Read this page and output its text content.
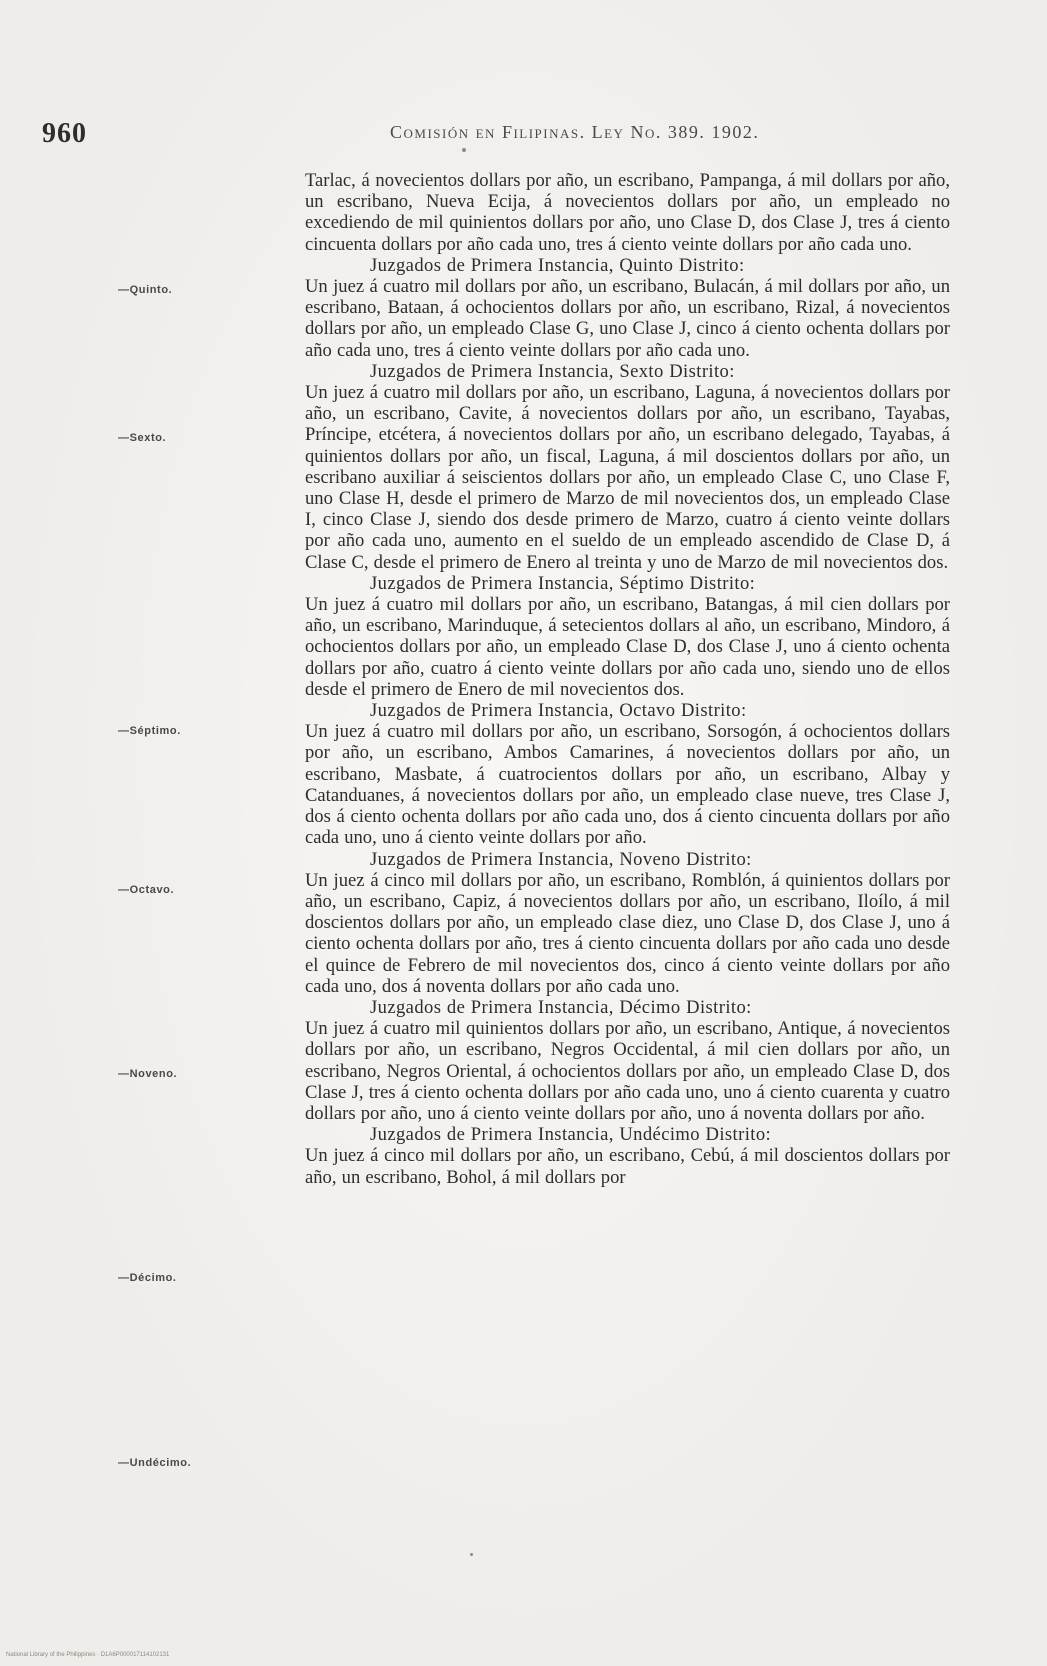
960	Comisión en Filipinas. Ley No. 389. 1902.
—Quinto.
—Sexto.
—Séptimo.
—Octavo.
—Noveno.
—Décimo.
—Undécimo.

Tarlac, á novecientos dollars por año, un escribano, Pampanga, á mil dollars por año, un escribano, Nueva Ecija, á novecientos dollars por año, un empleado no excediendo de mil quinientos dollars por año, uno Clase D, dos Clase J, tres á ciento cincuenta dollars por año cada uno, tres á ciento veinte dollars por año cada uno.

Juzgados de Primera Instancia, Quinto Distrito:

Un juez á cuatro mil dollars por año, un escribano, Bulacán, á mil dollars por año, un escribano, Bataan, á ochocientos dollars por año, un escribano, Rizal, á novecientos dollars por año, un empleado Clase G, uno Clase J, cinco á ciento ochenta dollars por año cada uno, tres á ciento veinte dollars por año cada uno.

Juzgados de Primera Instancia, Sexto Distrito:

Un juez á cuatro mil dollars por año, un escribano, Laguna, á novecientos dollars por año, un escribano, Cavite, á novecientos dollars por año, un escribano, Tayabas, Príncipe, etcétera, á novecientos dollars por año, un escribano delegado, Tayabas, á quinientos dollars por año, un fiscal, Laguna, á mil doscientos dollars por año, un escribano auxiliar á seiscientos dollars por año, un empleado Clase C, uno Clase F, uno Clase H, desde el primero de Marzo de mil novecientos dos, un empleado Clase I, cinco Clase J, siendo dos desde primero de Marzo, cuatro á ciento veinte dollars por año cada uno, aumento en el sueldo de un empleado ascendido de Clase D, á Clase C, desde el primero de Enero al treinta y uno de Marzo de mil novecientos dos.

Juzgados de Primera Instancia, Séptimo Distrito:

Un juez á cuatro mil dollars por año, un escribano, Batangas, á mil cien dollars por año, un escribano, Marinduque, á setecientos dollars al año, un escribano, Mindoro, á ochocientos dollars por año, un empleado Clase D, dos Clase J, uno á ciento ochenta dollars por año, cuatro á ciento veinte dollars por año cada uno, siendo uno de ellos desde el primero de Enero de mil novecientos dos.

Juzgados de Primera Instancia, Octavo Distrito:

Un juez á cuatro mil dollars por año, un escribano, Sorsogón, á ochocientos dollars por año, un escribano, Ambos Camarines, á novecientos dollars por año, un escribano, Masbate, á cuatrocientos dollars por año, un escribano, Albay y Catanduanes, á novecientos dollars por año, un empleado clase nueve, tres Clase J, dos á ciento ochenta dollars por año cada uno, dos á ciento cincuenta dollars por año cada uno, uno á ciento veinte dollars por año.

Juzgados de Primera Instancia, Noveno Distrito:

Un juez á cinco mil dollars por año, un escribano, Romblón, á quinientos dollars por año, un escribano, Capiz, á novecientos dollars por año, un escribano, Iloílo, á mil doscientos dollars por año, un empleado clase diez, uno Clase D, dos Clase J, uno á ciento ochenta dollars por año, tres á ciento cincuenta dollars por año cada uno desde el quince de Febrero de mil novecientos dos, cinco á ciento veinte dollars por año cada uno, dos á noventa dollars por año cada uno.

Juzgados de Primera Instancia, Décimo Distrito:

Un juez á cuatro mil quinientos dollars por año, un escribano, Antique, á novecientos dollars por año, un escribano, Negros Occidental, á mil cien dollars por año, un escribano, Negros Oriental, á ochocientos dollars por año, un empleado Clase D, dos Clase J, tres á ciento ochenta dollars por año cada uno, uno á ciento cuarenta y cuatro dollars por año, uno á ciento veinte dollars por año, uno á noventa dollars por año.

Juzgados de Primera Instancia, Undécimo Distrito:

Un juez á cinco mil dollars por año, un escribano, Cebú, á mil doscientos dollars por año, un escribano, Bohol, á mil dollars por

National Library of the Philippines · D1A6P000017114102131
